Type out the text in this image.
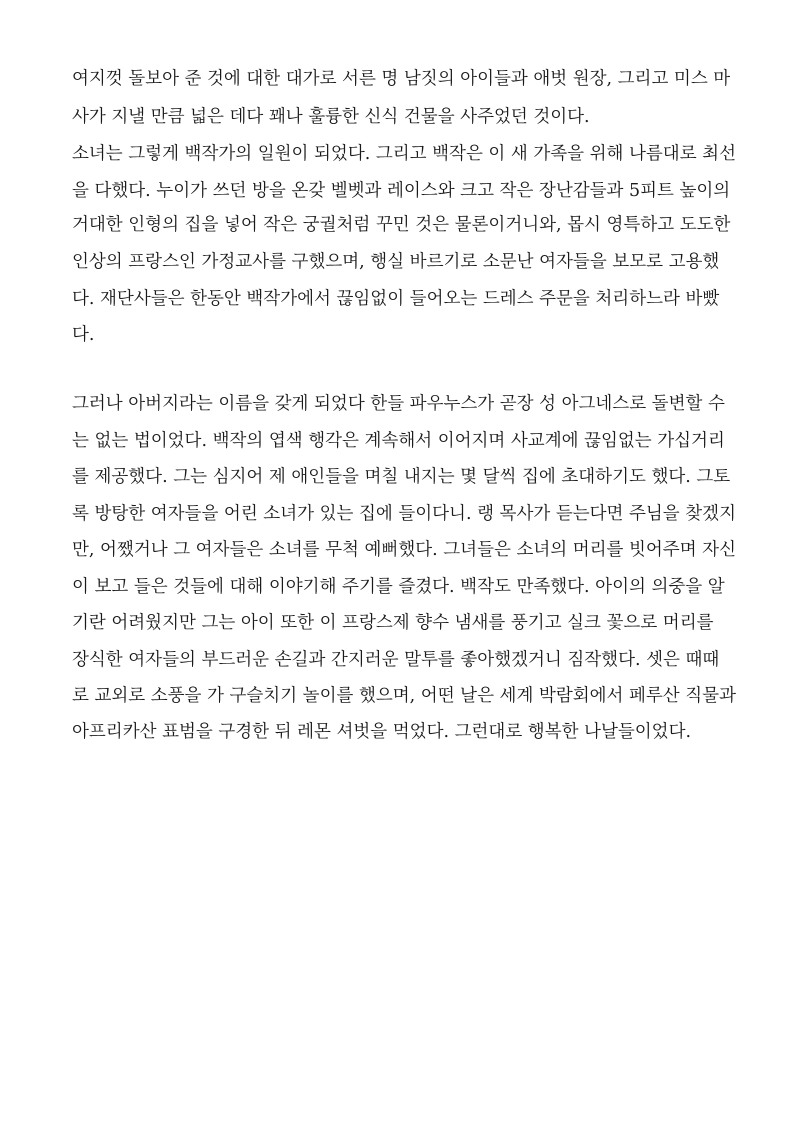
여지껏 돌보아 준 것에 대한 대가로 서른 명 남짓의 아이들과 애벗 원장, 그리고 미스 마
사가 지낼 만큼 넓은 데다 꽤나 훌륭한 신식 건물을 사주었던 것이다.
소녀는 그렇게 백작가의 일원이 되었다. 그리고 백작은 이 새 가족을 위해 나름대로 최선
을 다했다. 누이가 쓰던 방을 온갖 벨벳과 레이스와 크고 작은 장난감들과 5피트 높이의
거대한 인형의 집을 넣어 작은 궁궐처럼 꾸민 것은 물론이거니와, 몹시 영특하고 도도한
인상의 프랑스인 가정교사를 구했으며, 행실 바르기로 소문난 여자들을 보모로 고용했
다. 재단사들은 한동안 백작가에서 끊임없이 들어오는 드레스 주문을 처리하느라 바빴
다.
그러나 아버지라는 이름을 갖게 되었다 한들 파우누스가 곧장 성 아그네스로 돌변할 수
는 없는 법이었다. 백작의 엽색 행각은 계속해서 이어지며 사교계에 끊임없는 가십거리
를 제공했다. 그는 심지어 제 애인들을 며칠 내지는 몇 달씩 집에 초대하기도 했다. 그토
록 방탕한 여자들을 어린 소녀가 있는 집에 들이다니. 랭 목사가 듣는다면 주님을 찾겠지
만, 어쨌거나 그 여자들은 소녀를 무척 예뻐했다. 그녀들은 소녀의 머리를 빗어주며 자신
이 보고 들은 것들에 대해 이야기해 주기를 즐겼다. 백작도 만족했다. 아이의 의중을 알
기란 어려웠지만 그는 아이 또한 이 프랑스제 향수 냄새를 풍기고 실크 꽃으로 머리를
장식한 여자들의 부드러운 손길과 간지러운 말투를 좋아했겠거니 짐작했다. 셋은 때때
로 교외로 소풍을 가 구슬치기 놀이를 했으며, 어떤 날은 세계 박람회에서 페루산 직물과
아프리카산 표범을 구경한 뒤 레몬 셔벗을 먹었다. 그런대로 행복한 나날들이었다.
